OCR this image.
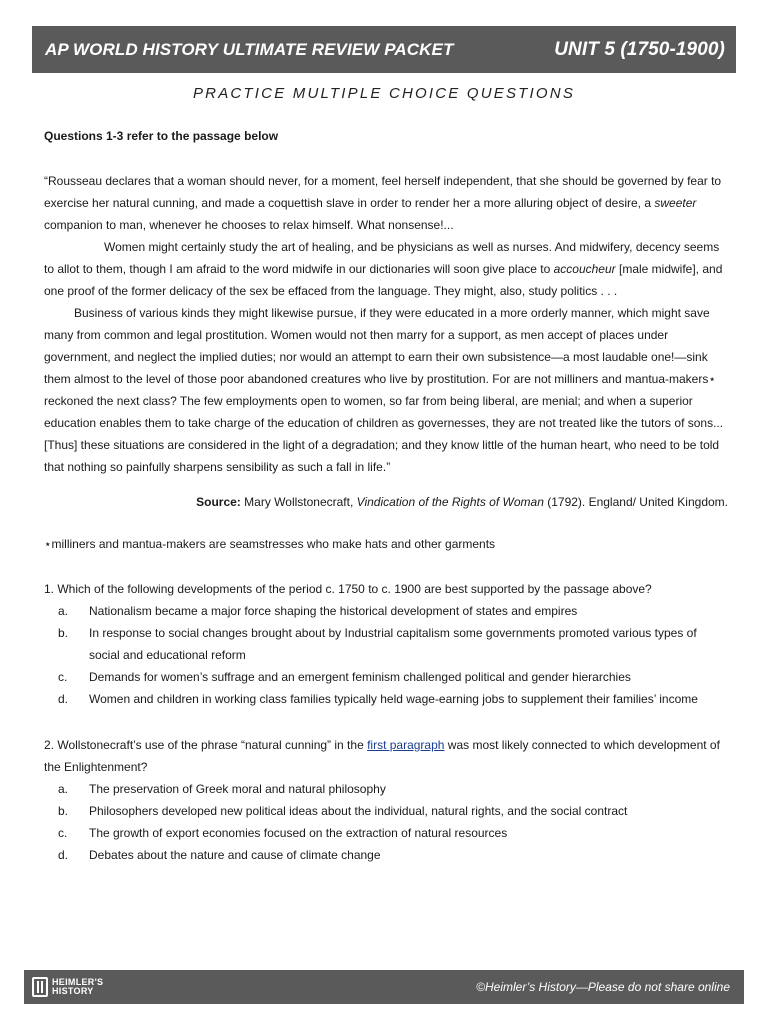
AP WORLD HISTORY ULTIMATE REVIEW PACKET	UNIT 5 (1750-1900)
PRACTICE MULTIPLE CHOICE QUESTIONS

Questions 1-3 refer to the passage below

“Rousseau declares that a woman should never, for a moment, feel herself independent, that she should be governed by fear to exercise her natural cunning, and made a coquettish slave in order to render her a more alluring object of desire, a sweeter companion to man, whenever he chooses to relax himself. What nonsense!...

Women might certainly study the art of healing, and be physicians as well as nurses. And midwifery, decency seems to allot to them, though I am afraid to the word midwife in our dictionaries will soon give place to accoucheur [male midwife], and one proof of the former delicacy of the sex be effaced from the language. They might, also, study politics . . .

Business of various kinds they might likewise pursue, if they were educated in a more orderly manner, which might save many from common and legal prostitution. Women would not then marry for a support, as men accept of places under government, and neglect the implied duties; nor would an attempt to earn their own subsistence—a most laudable one!—sink them almost to the level of those poor abandoned creatures who live by prostitution. For are not milliners and mantua-makers⋆ reckoned the next class? The few employments open to women, so far from being liberal, are menial; and when a superior education enables them to take charge of the education of children as governesses, they are not treated like the tutors of sons... [Thus] these situations are considered in the light of a degradation; and they know little of the human heart, who need to be told that nothing so painfully sharpens sensibility as such a fall in life.”

Source: Mary Wollstonecraft, Vindication of the Rights of Woman (1792). England/ United Kingdom.
⋆milliners and mantua-makers are seamstresses who make hats and other garments
1. Which of the following developments of the period c. 1750 to c. 1900 are best supported by the passage above?
a.	Nationalism became a major force shaping the historical development of states and empires
b.	In response to social changes brought about by Industrial capitalism some governments promoted various types of social and educational reform
c.	Demands for women’s suffrage and an emergent feminism challenged political and gender hierarchies
d.	Women and children in working class families typically held wage-earning jobs to supplement their families’ income
2. Wollstonecraft’s use of the phrase “natural cunning” in the first paragraph was most likely connected to which development of the Enlightenment?
a.	The preservation of Greek moral and natural philosophy
b.	Philosophers developed new political ideas about the individual, natural rights, and the social contract
c.	The growth of export economies focused on the extraction of natural resources
d.	Debates about the nature and cause of climate change
HEIMLER'S
HISTORY	©Heimler’s History—Please do not share online
